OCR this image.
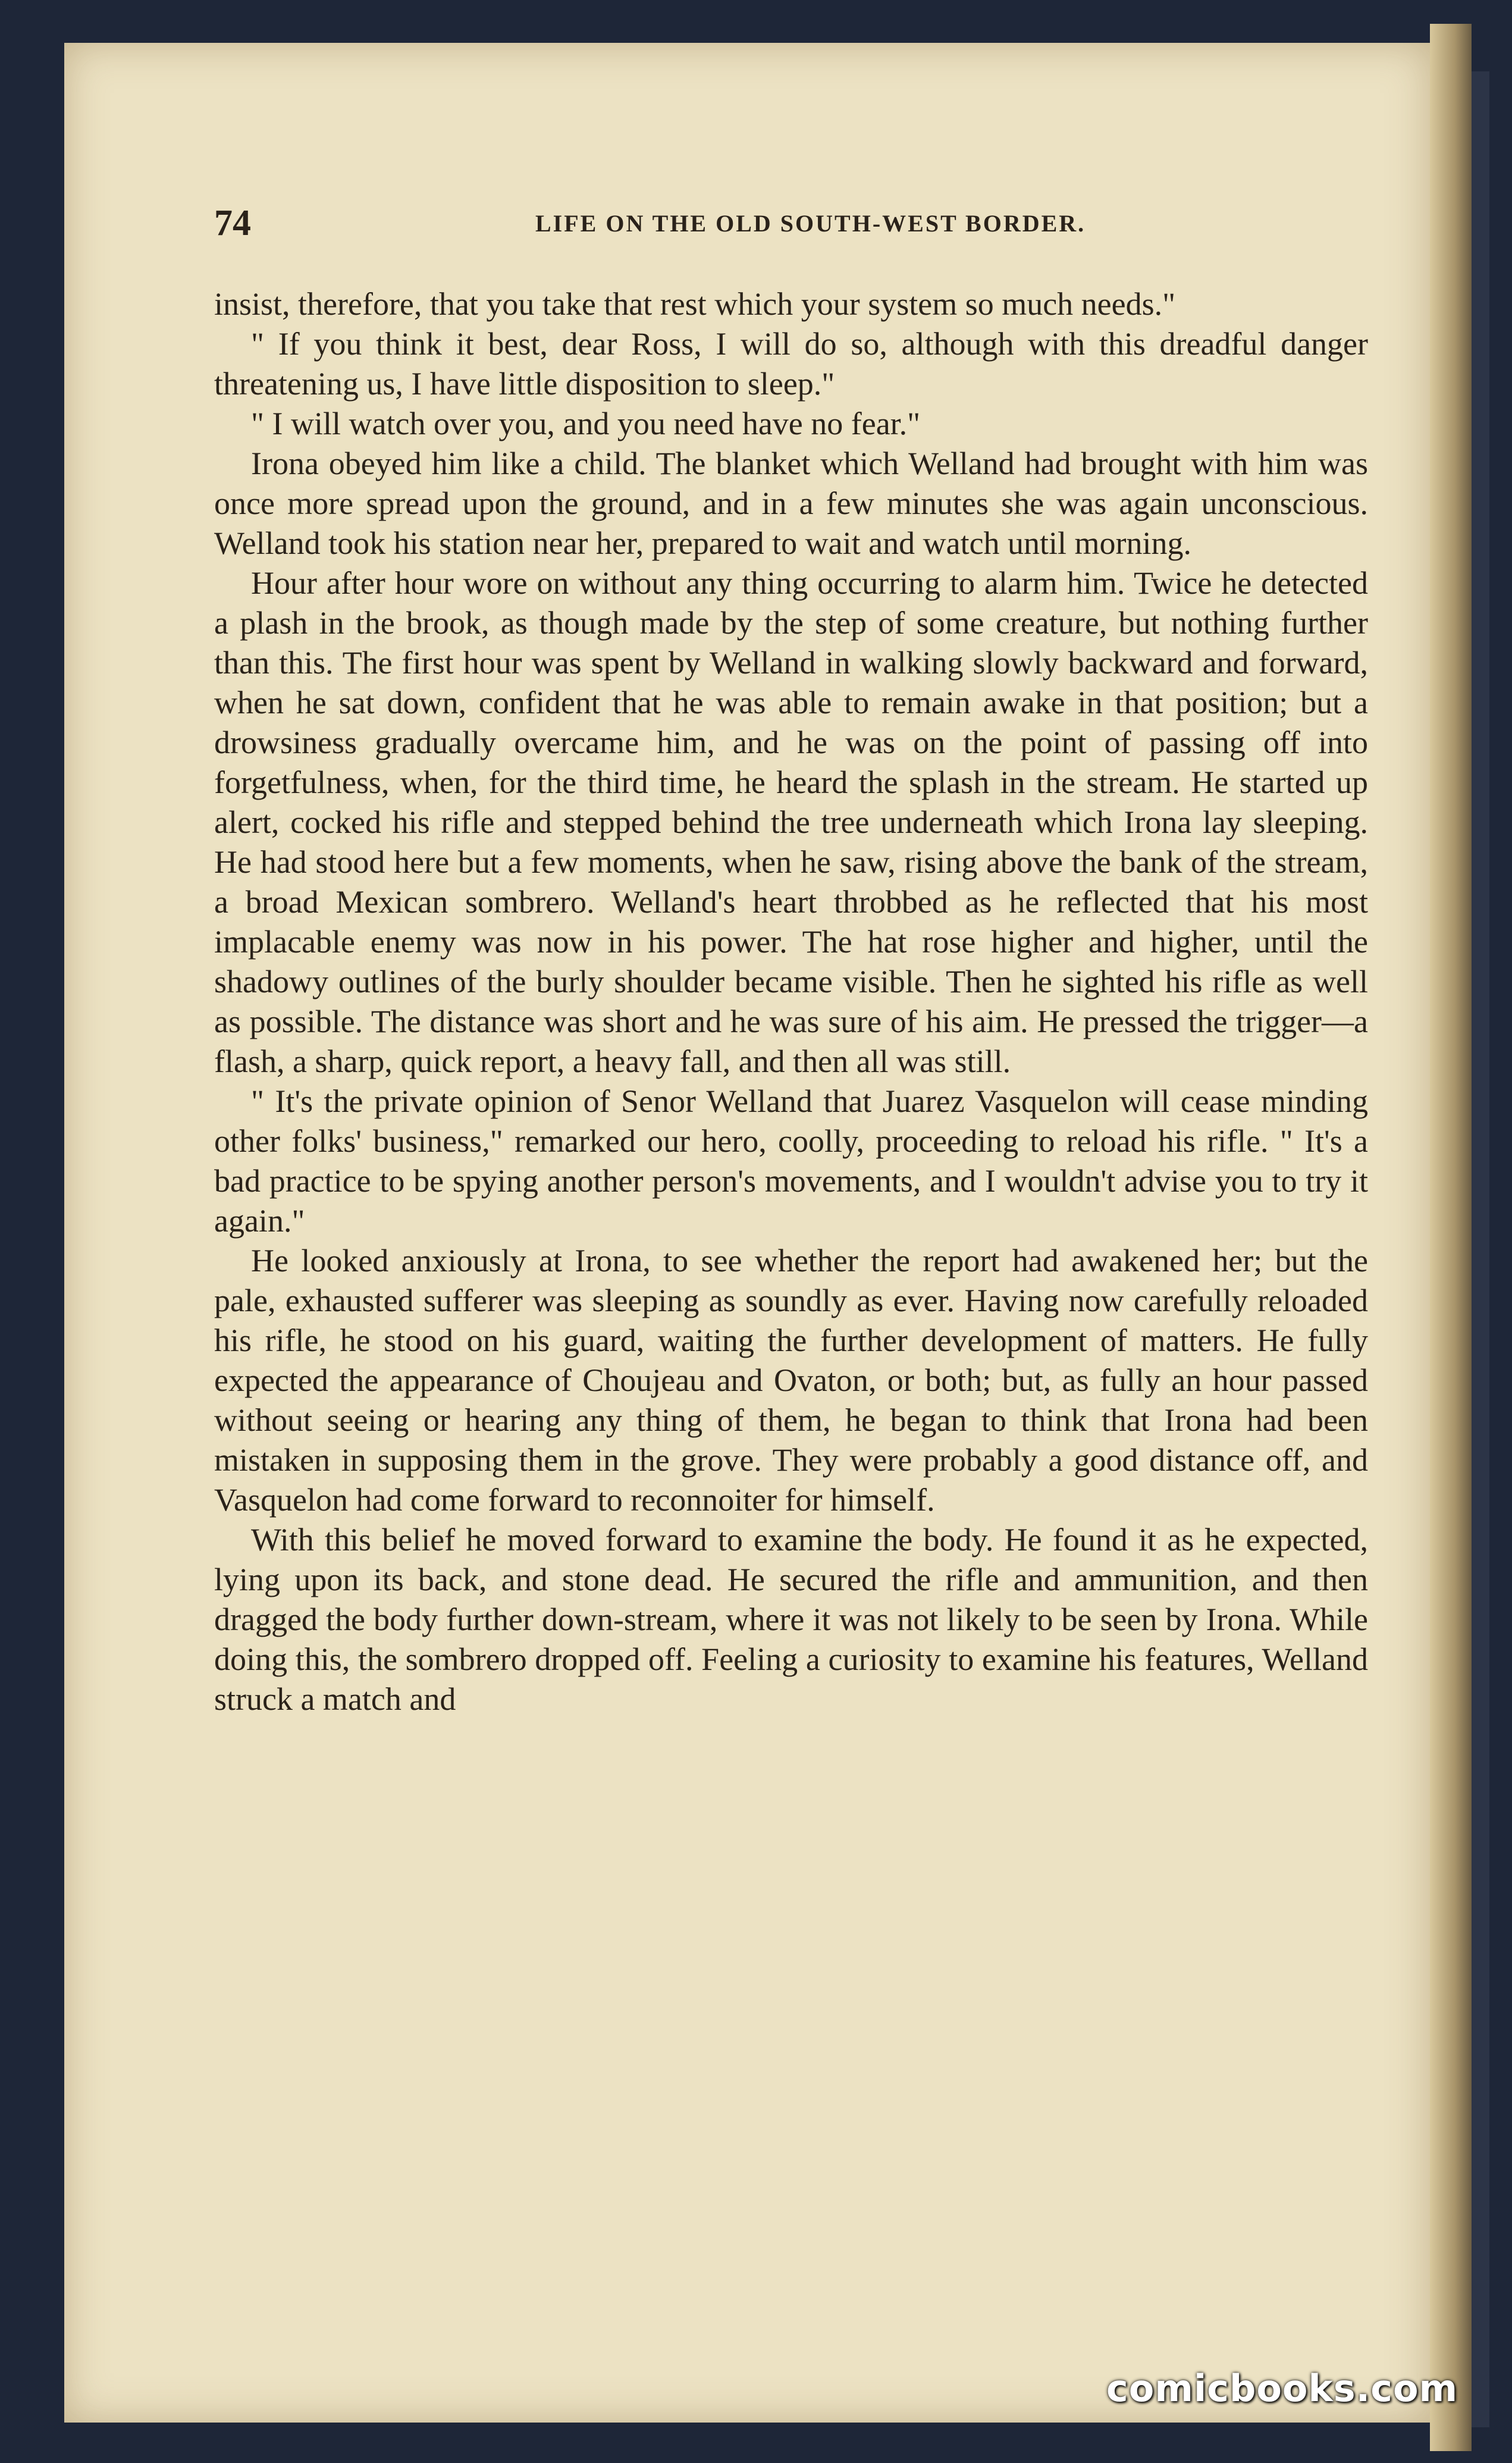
74	LIFE ON THE OLD SOUTH-WEST BORDER.

insist, therefore, that you take that rest which your system so much needs."

" If you think it best, dear Ross, I will do so, although with this dreadful danger threatening us, I have little disposition to sleep."

" I will watch over you, and you need have no fear."

Irona obeyed him like a child. The blanket which Welland had brought with him was once more spread upon the ground, and in a few minutes she was again unconscious. Welland took his station near her, prepared to wait and watch until morning.

Hour after hour wore on without any thing occurring to alarm him. Twice he detected a plash in the brook, as though made by the step of some creature, but nothing further than this. The first hour was spent by Welland in walking slowly backward and forward, when he sat down, confident that he was able to remain awake in that position; but a drowsiness gradually overcame him, and he was on the point of passing off into forgetfulness, when, for the third time, he heard the splash in the stream. He started up alert, cocked his rifle and stepped behind the tree underneath which Irona lay sleeping. He had stood here but a few moments, when he saw, rising above the bank of the stream, a broad Mexican sombrero. Welland's heart throbbed as he reflected that his most implacable enemy was now in his power. The hat rose higher and higher, until the shadowy outlines of the burly shoulder became visible. Then he sighted his rifle as well as possible. The distance was short and he was sure of his aim. He pressed the trigger—a flash, a sharp, quick report, a heavy fall, and then all was still.

" It's the private opinion of Senor Welland that Juarez Vasquelon will cease minding other folks' business," remarked our hero, coolly, proceeding to reload his rifle. " It's a bad practice to be spying another person's movements, and I wouldn't advise you to try it again."

He looked anxiously at Irona, to see whether the report had awakened her; but the pale, exhausted sufferer was sleeping as soundly as ever. Having now carefully reloaded his rifle, he stood on his guard, waiting the further development of matters. He fully expected the appearance of Choujeau and Ovaton, or both; but, as fully an hour passed without seeing or hearing any thing of them, he began to think that Irona had been mistaken in supposing them in the grove. They were probably a good distance off, and Vasquelon had come forward to reconnoiter for himself.

With this belief he moved forward to examine the body. He found it as he expected, lying upon its back, and stone dead. He secured the rifle and ammunition, and then dragged the body further down-stream, where it was not likely to be seen by Irona. While doing this, the sombrero dropped off. Feeling a curiosity to examine his features, Welland struck a match and

comicbooks.com
